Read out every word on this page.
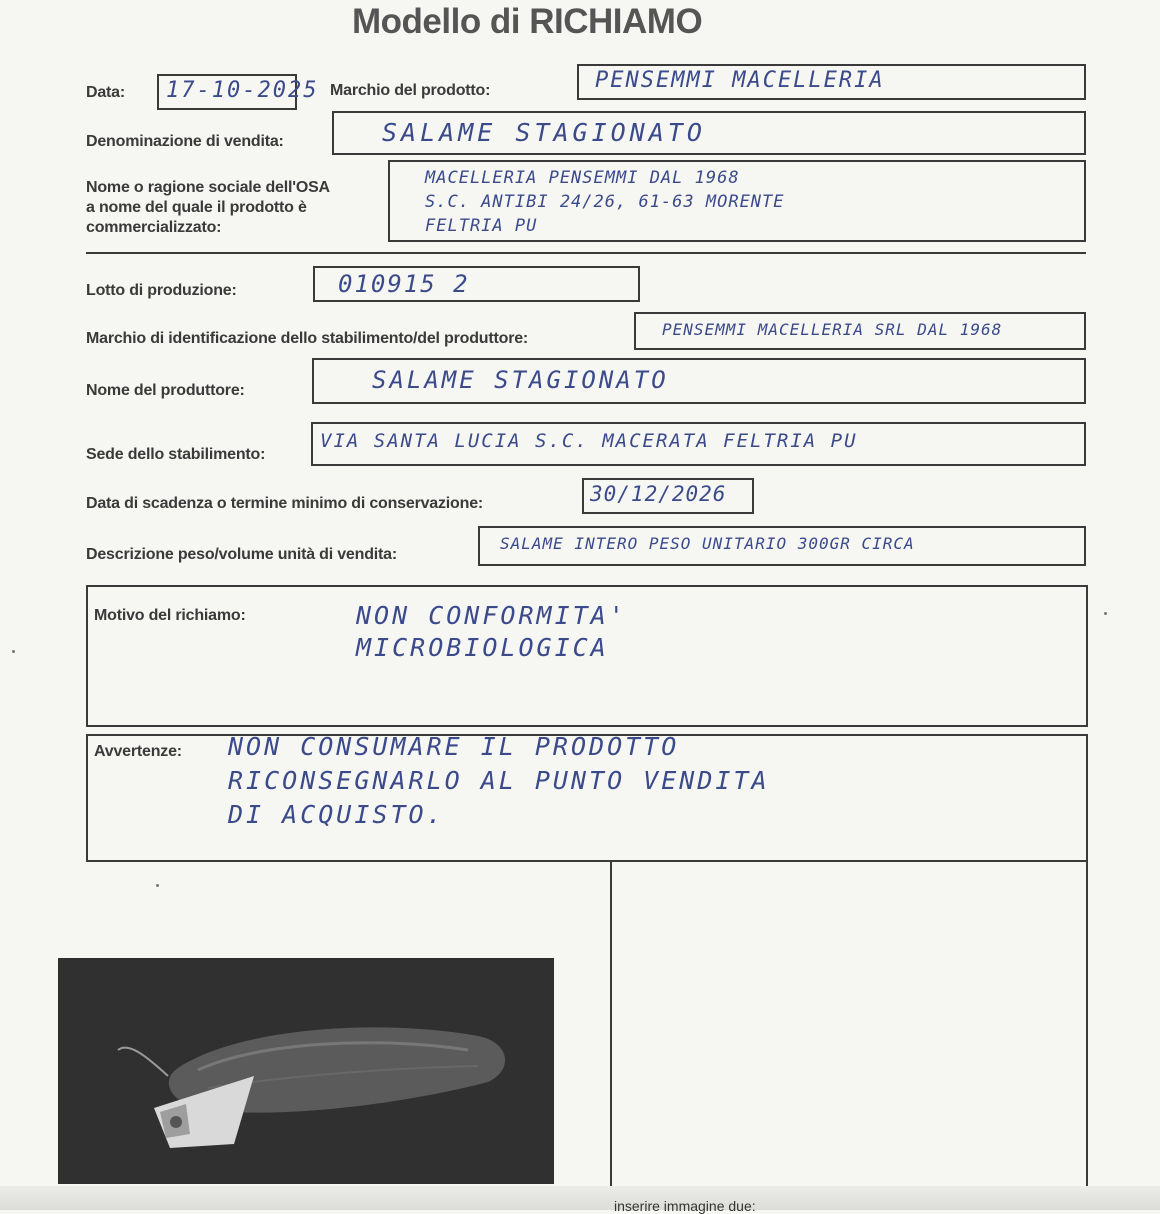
Modello di RICHIAMO
Data: 17-10-2025 Marchio del prodotto:	PENSEMMI MACELLERIA
Denominazione di vendita:	SALAME STAGIONATO
Nome o ragione sociale dell'OSA
a nome del quale il prodotto è
commercializzato:
MACELLERIA PENSEMMI DAL 1968
S.C. ANTIBI 24/26, 61-63 MORENTE
FELTRIA PU
Lotto di produzione:	010915 2
Marchio di identificazione dello stabilimento/del produttore:	PENSEMMI MACELLERIA SRL DAL 1968
Nome del produttore:	SALAME STAGIONATO
Sede dello stabilimento:
VIA SANTA LUCIA S.C. MACERATA FELTRIA PU
Data di scadenza o termine minimo di conservazione:	30/12/2026
Descrizione peso/volume unità di vendita:
SALAME INTERO PESO UNITARIO 300GR CIRCA
Motivo del richiamo:	NON CONFORMITA'
MICROBIOLOGICA
Avvertenze: NON CONSUMARE IL PRODOTTO
RICONSEGNARLO AL PUNTO VENDITA
DI ACQUISTO.
inserire immagine due:
